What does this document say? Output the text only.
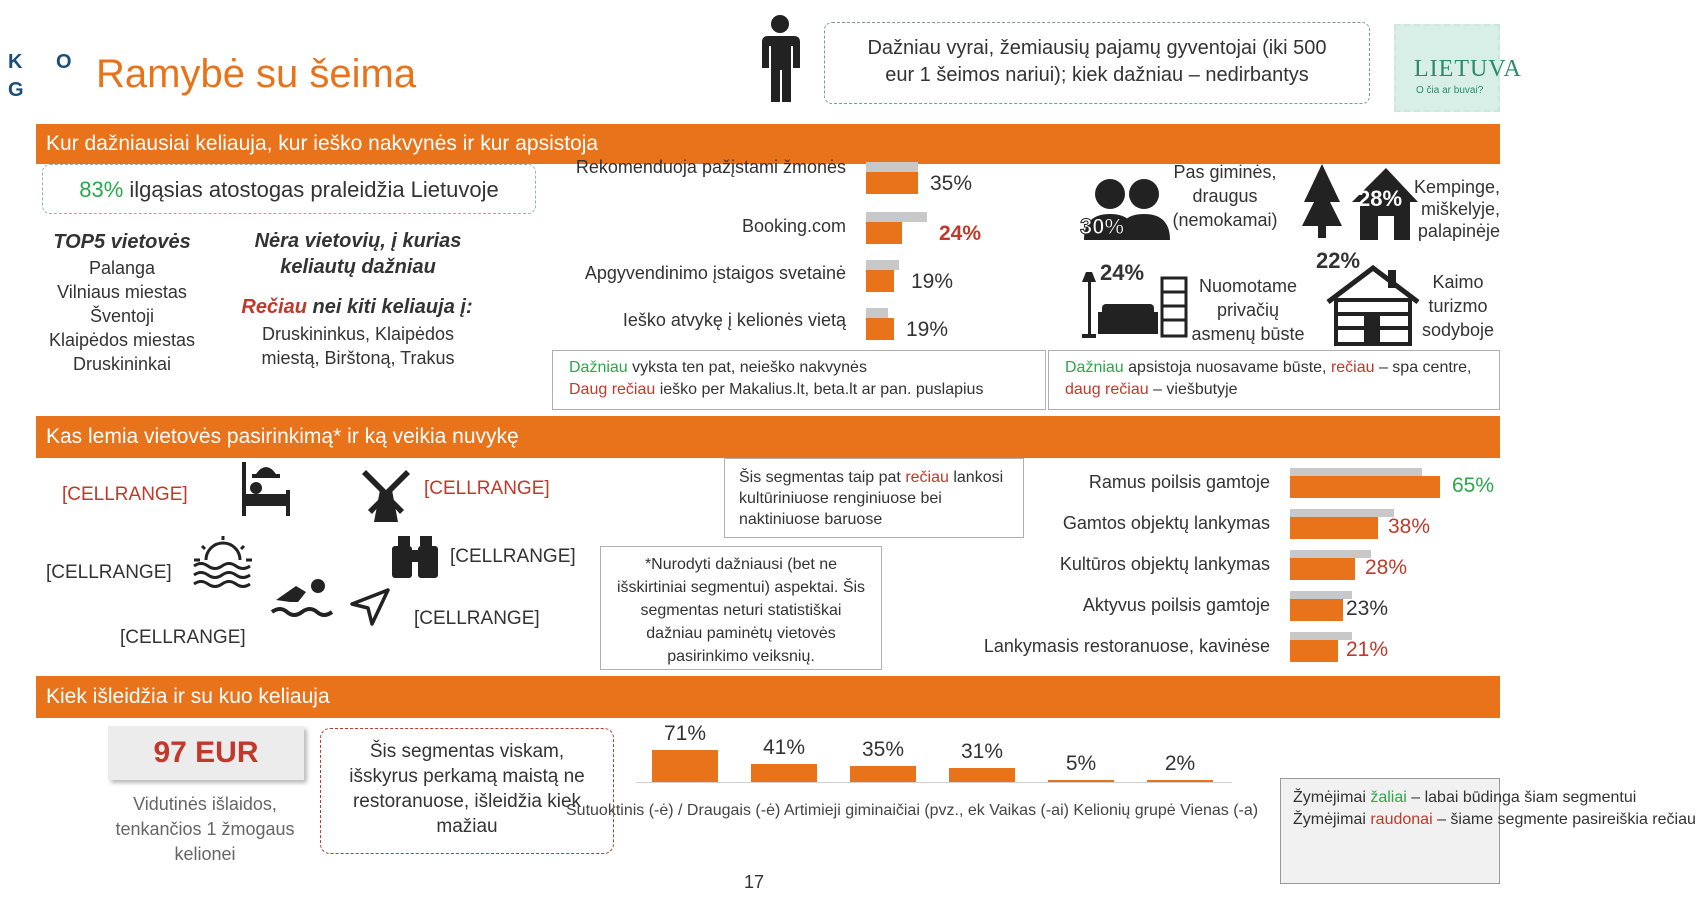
K O
G	Ramybė su šeima
Dažniau vyrai, žemiausių pajamų gyventojai (iki 500 eur 1 šeimos nariui); kiek dažniau – nedirbantys	LIETUVA
O čia ar buvai?
Kur dažniausiai keliauja, kur ieško nakvynės ir kur apsistoja
83% ilgąsias atostogas praleidžia Lietuvoje
TOP5 vietovės
Palanga
Vilniaus miestas
Šventoji
Klaipėdos miestas
Druskininkai
Nėra vietovių, į kurias keliautų dažniau
Rečiau nei kiti keliauja į:
Druskininkus, Klaipėdos miestą, Birštoną, Trakus
Rekomenduoja pažįstami žmonės
Booking.com
Apgyvendinimo įstaigos svetainė
Ieško atvykę į kelionės vietą
35%
24%
19%
19%
Dažniau vyksta ten pat, neieško nakvynės
Daug rečiau ieško per Makalius.lt, beta.lt ar pan. puslapius
30%
Pas giminės, draugus (nemokamai)
28% Kempinge, miškelyje, palapinėje
24%
Nuomotame privačių asmenų būste
22%
Kaimo turizmo sodyboje
Dažniau apsistoja nuosavame būste, rečiau – spa centre, daug rečiau – viešbutyje
Kas lemia vietovės pasirinkimą* ir ką veikia nuvykę
[CELLRANGE]	[CELLRANGE]
[CELLRANGE]
[CELLRANGE]
[CELLRANGE]
[CELLRANGE]
Šis segmentas taip pat rečiau lankosi kultūriniuose renginiuose bei naktiniuose baruose
*Nurodyti dažniausi (bet ne išskirtiniai segmentui) aspektai. Šis segmentas neturi statistiškai dažniau paminėtų vietovės pasirinkimo veiksnių.
Ramus poilsis gamtoje
Gamtos objektų lankymas
Kultūros objektų lankymas
Aktyvus poilsis gamtoje
Lankymasis restoranuose, kavinėse
65%
38%
28%
23%
21%
Kiek išleidžia ir su kuo keliauja
97 EUR
Vidutinės išlaidos, tenkančios 1 žmogaus kelionei
Šis segmentas viskam, išskyrus perkamą maistą ne restoranuose, išleidžia kiek mažiau
71%
41%	35%	31%
5%	2%
Sutuoktinis (-ė) / Draugais (-ė) Artimieji giminaičiai (pvz., ek Vaikas (-ai) Kelionių grupė Vienas (-a)
Žymėjimai žaliai – labai būdinga šiam segmentui
Žymėjimai raudonai – šiame segmente pasireiškia rečiau
17
